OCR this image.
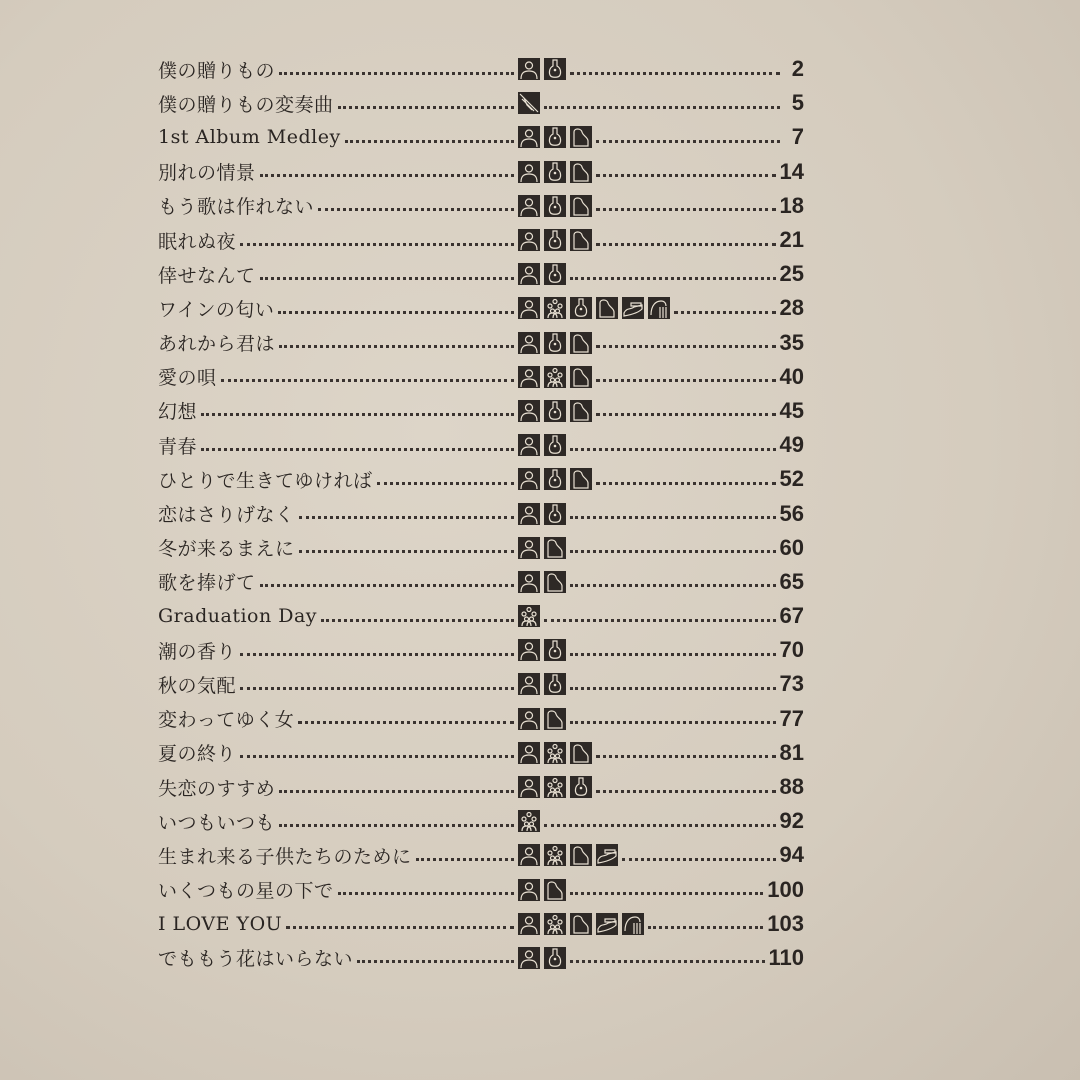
僕の贈りもの	2
僕の贈りもの変奏曲	5
1st Album Medley	7
別れの情景	14
もう歌は作れない	18
眠れぬ夜	21
倖せなんて	25
ワインの匂い	28
あれから君は	35
愛の唄	40
幻想	45
青春	49
ひとりで生きてゆければ	52
恋はさりげなく	56
冬が来るまえに	60
歌を捧げて	65
Graduation Day	67
潮の香り	70
秋の気配	73
変わってゆく女	77
夏の終り	81
失恋のすすめ	88
いつもいつも	92
生まれ来る子供たちのために	94
いくつもの星の下で	100
I LOVE YOU	103
でももう花はいらない	110
